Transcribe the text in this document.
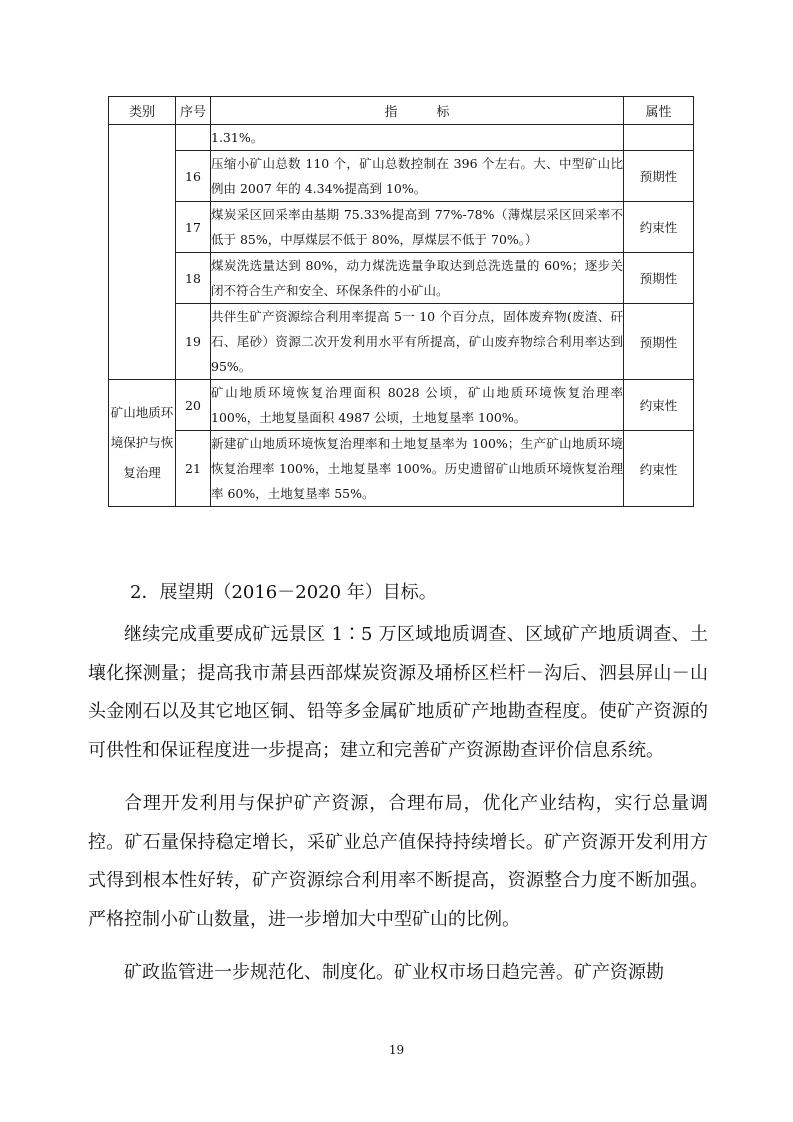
类别	序号	指　　　标	属性
		1.31%。	
	16	压缩小矿山总数 110 个，矿山总数控制在 396 个左右。大、中型矿山比例由 2007 年的 4.34%提高到 10%。	预期性
	17	煤炭采区回采率由基期 75.33%提高到 77%-78%（薄煤层采区回采率不低于 85%，中厚煤层不低于 80%，厚煤层不低于 70%。）	约束性
	18	煤炭洗选量达到 80%，动力煤洗选量争取达到总洗选量的 60%；逐步关闭不符合生产和安全、环保条件的小矿山。	预期性
	19	共伴生矿产资源综合利用率提高 5一 10 个百分点，固体废弃物(废渣、矸石、尾砂）资源二次开发利用水平有所提高，矿山废弃物综合利用率达到 95%。	预期性
矿山地质环境保护与恢复治理	20	矿山地质环境恢复治理面积 8028 公顷，矿山地质环境恢复治理率 100%，土地复垦面积 4987 公顷，土地复垦率 100%。	约束性
	21	新建矿山地质环境恢复治理率和土地复垦率为 100%；生产矿山地质环境恢复治理率 100%，土地复垦率 100%。历史遗留矿山地质环境恢复治理率 60%，土地复垦率 55%。	约束性
2．展望期（2016－2020 年）目标。

继续完成重要成矿远景区 1∶5 万区域地质调查、区域矿产地质调查、土壤化探测量；提高我市萧县西部煤炭资源及埇桥区栏杆－沟后、泗县屏山－山头金刚石以及其它地区铜、铅等多金属矿地质矿产地勘查程度。使矿产资源的可供性和保证程度进一步提高；建立和完善矿产资源勘查评价信息系统。

合理开发利用与保护矿产资源，合理布局，优化产业结构，实行总量调控。矿石量保持稳定增长，采矿业总产值保持持续增长。矿产资源开发利用方式得到根本性好转，矿产资源综合利用率不断提高，资源整合力度不断加强。严格控制小矿山数量，进一步增加大中型矿山的比例。

矿政监管进一步规范化、制度化。矿业权市场日趋完善。矿产资源勘

19
